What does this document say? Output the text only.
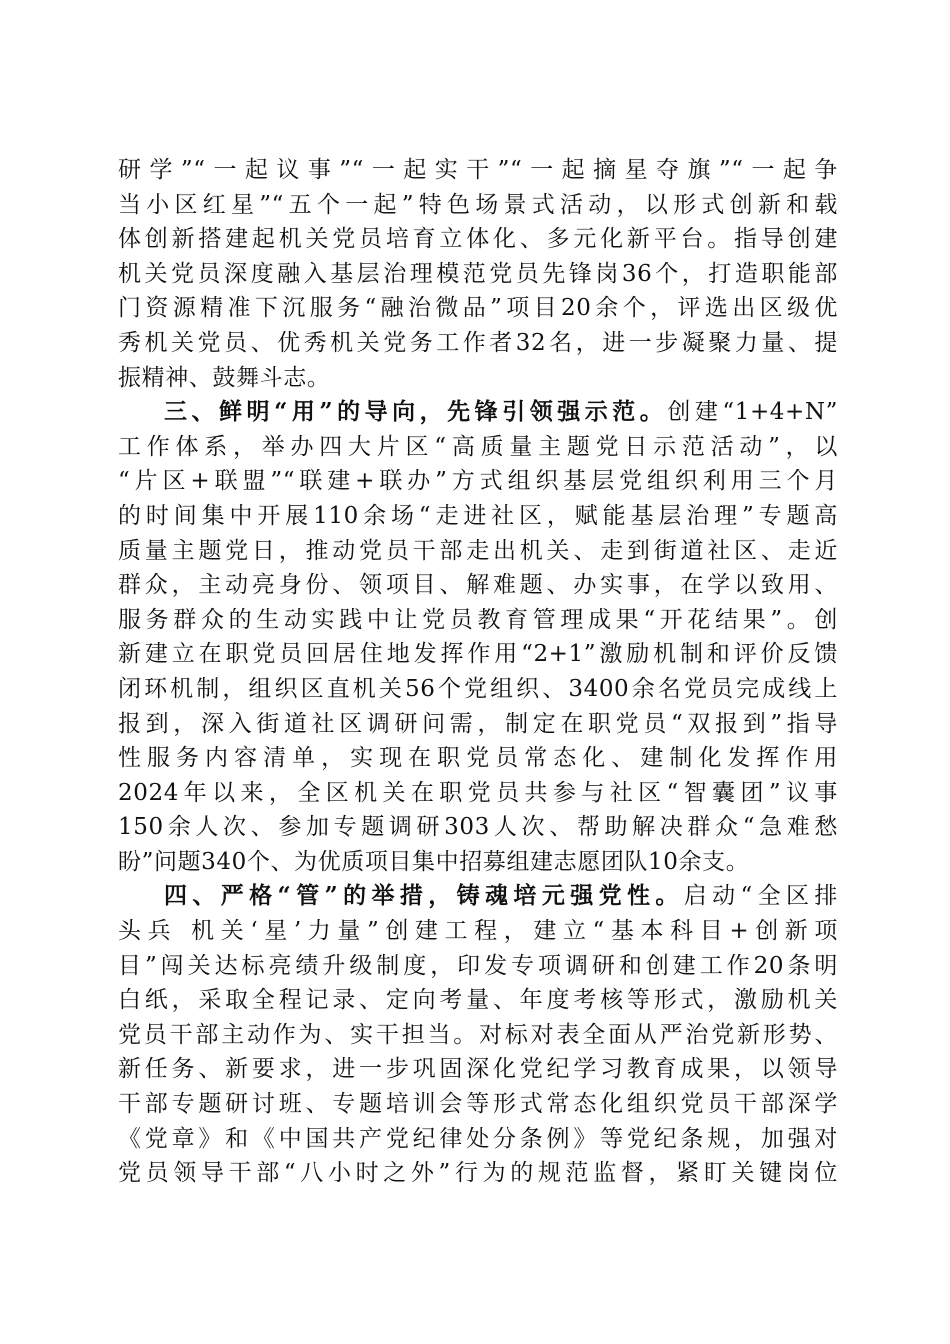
研学”“一起议事”“一起实干”“一起摘星夺旗”“一起争
当小区红星”“五个一起”特色场景式活动，以形式创新和载
体创新搭建起机关党员培育立体化、多元化新平台。指导创建
机关党员深度融入基层治理模范党员先锋岗36个，打造职能部
门资源精准下沉服务“融治微品”项目20余个，评选出区级优
秀机关党员、优秀机关党务工作者32名，进一步凝聚力量、提
振精神、鼓舞斗志。
三、鲜明“用”的导向，先锋引领强示范。创建“1+4+N”
工作体系，举办四大片区“高质量主题党日示范活动”，以
“片区+联盟”“联建+联办”方式组织基层党组织利用三个月
的时间集中开展110余场“走进社区，赋能基层治理”专题高
质量主题党日，推动党员干部走出机关、走到街道社区、走近
群众，主动亮身份、领项目、解难题、办实事，在学以致用、
服务群众的生动实践中让党员教育管理成果“开花结果”。创
新建立在职党员回居住地发挥作用“2+1”激励机制和评价反馈
闭环机制，组织区直机关56个党组织、3400余名党员完成线上
报到，深入街道社区调研问需，制定在职党员“双报到”指导
性服务内容清单，实现在职党员常态化、建制化发挥作用
2024年以来，全区机关在职党员共参与社区“智囊团”议事
150余人次、参加专题调研303人次、帮助解决群众“急难愁
盼”问题340个、为优质项目集中招募组建志愿团队10余支。
四、严格“管”的举措，铸魂培元强党性。启动“全区排
头兵 机关‘星’力量”创建工程，建立“基本科目+创新项
目”闯关达标亮绩升级制度，印发专项调研和创建工作20条明
白纸，采取全程记录、定向考量、年度考核等形式，激励机关
党员干部主动作为、实干担当。对标对表全面从严治党新形势、
新任务、新要求，进一步巩固深化党纪学习教育成果，以领导
干部专题研讨班、专题培训会等形式常态化组织党员干部深学
《党章》和《中国共产党纪律处分条例》等党纪条规，加强对
党员领导干部“八小时之外”行为的规范监督，紧盯关键岗位
